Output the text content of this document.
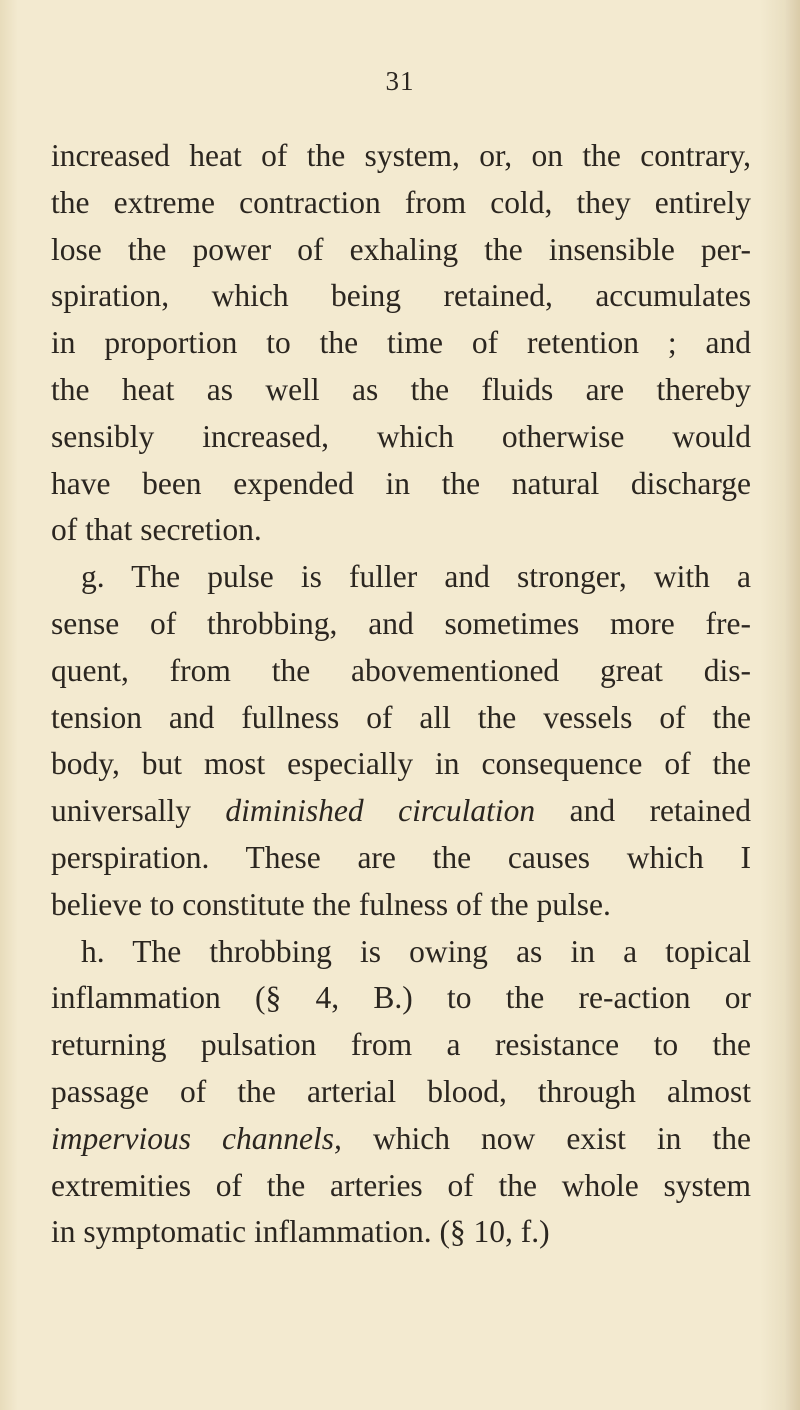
31
increased heat of the system, or, on the contrary,
the extreme contraction from cold, they entirely
lose the power of exhaling the insensible per-
spiration, which being retained, accumulates
in proportion to the time of retention ; and
the heat as well as the fluids are thereby
sensibly increased, which otherwise would
have been expended in the natural discharge
of that secretion.
g. The pulse is fuller and stronger, with a
sense of throbbing, and sometimes more fre-
quent, from the abovementioned great dis-
tension and fullness of all the vessels of the
body, but most especially in consequence of the
universally diminished circulation and retained
perspiration. These are the causes which I
believe to constitute the fulness of the pulse.
h. The throbbing is owing as in a topical
inflammation (§ 4, B.) to the re-action or
returning pulsation from a resistance to the
passage of the arterial blood, through almost
impervious channels, which now exist in the
extremities of the arteries of the whole system
in symptomatic inflammation. (§ 10, f.)
